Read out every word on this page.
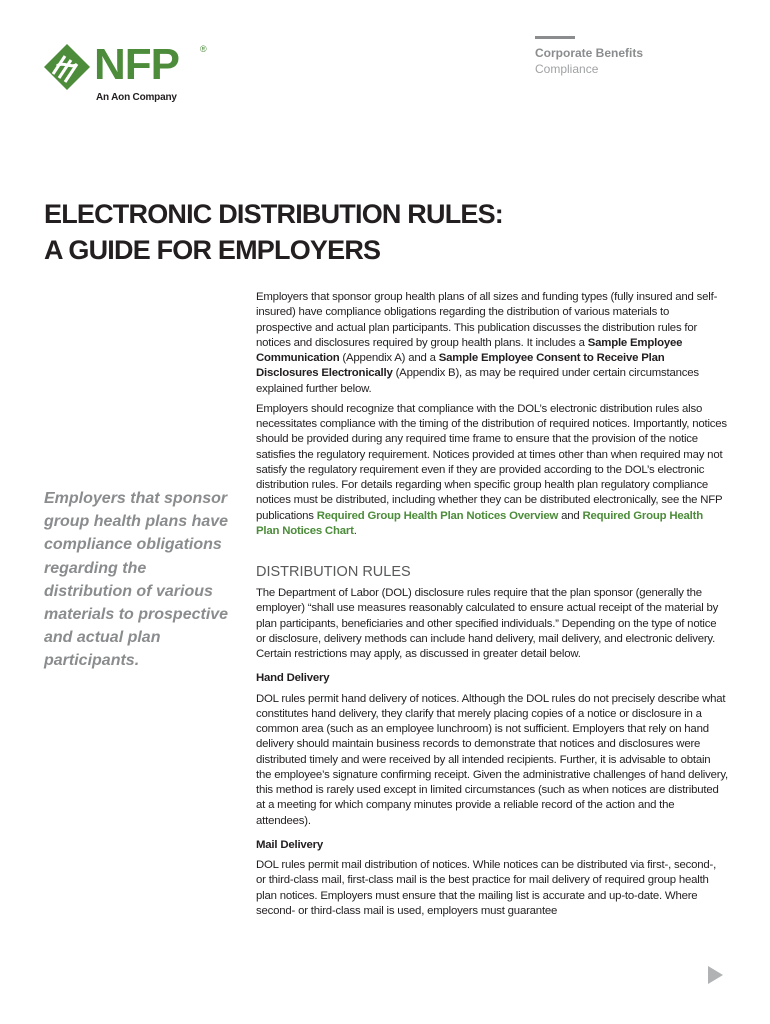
NFP ®
An Aon Company
Corporate Benefits
Compliance
ELECTRONIC DISTRIBUTION RULES:
A GUIDE FOR EMPLOYERS
Employers that sponsor group health plans have compliance obligations regarding the distribution of various materials to prospective and actual plan participants.

Employers that sponsor group health plans of all sizes and funding types (fully insured and self-insured) have compliance obligations regarding the distribution of various materials to prospective and actual plan participants. This publication discusses the distribution rules for notices and disclosures required by group health plans. It includes a Sample Employee Communication (Appendix A) and a Sample Employee Consent to Receive Plan Disclosures Electronically (Appendix B), as may be required under certain circumstances explained further below.

Employers should recognize that compliance with the DOL’s electronic distribution rules also necessitates compliance with the timing of the distribution of required notices. Importantly, notices should be provided during any required time frame to ensure that the provision of the notice satisfies the regulatory requirement. Notices provided at times other than when required may not satisfy the regulatory requirement even if they are provided according to the DOL’s electronic distribution rules. For details regarding when specific group health plan regulatory compliance notices must be distributed, including whether they can be distributed electronically, see the NFP publications Required Group Health Plan Notices Overview and Required Group Health Plan Notices Chart.

DISTRIBUTION RULES

The Department of Labor (DOL) disclosure rules require that the plan sponsor (generally the employer) “shall use measures reasonably calculated to ensure actual receipt of the material by plan participants, beneficiaries and other specified individuals.” Depending on the type of notice or disclosure, delivery methods can include hand delivery, mail delivery, and electronic delivery. Certain restrictions may apply, as discussed in greater detail below.

Hand Delivery

DOL rules permit hand delivery of notices. Although the DOL rules do not precisely describe what constitutes hand delivery, they clarify that merely placing copies of a notice or disclosure in a common area (such as an employee lunchroom) is not sufficient. Employers that rely on hand delivery should maintain business records to demonstrate that notices and disclosures were distributed timely and were received by all intended recipients. Further, it is advisable to obtain the employee’s signature confirming receipt. Given the administrative challenges of hand delivery, this method is rarely used except in limited circumstances (such as when notices are distributed at a meeting for which company minutes provide a reliable record of the action and the attendees).

Mail Delivery

DOL rules permit mail distribution of notices. While notices can be distributed via first-, second-, or third-class mail, first-class mail is the best practice for mail delivery of required group health plan notices. Employers must ensure that the mailing list is accurate and up-to-date. Where second- or third-class mail is used, employers must guarantee
